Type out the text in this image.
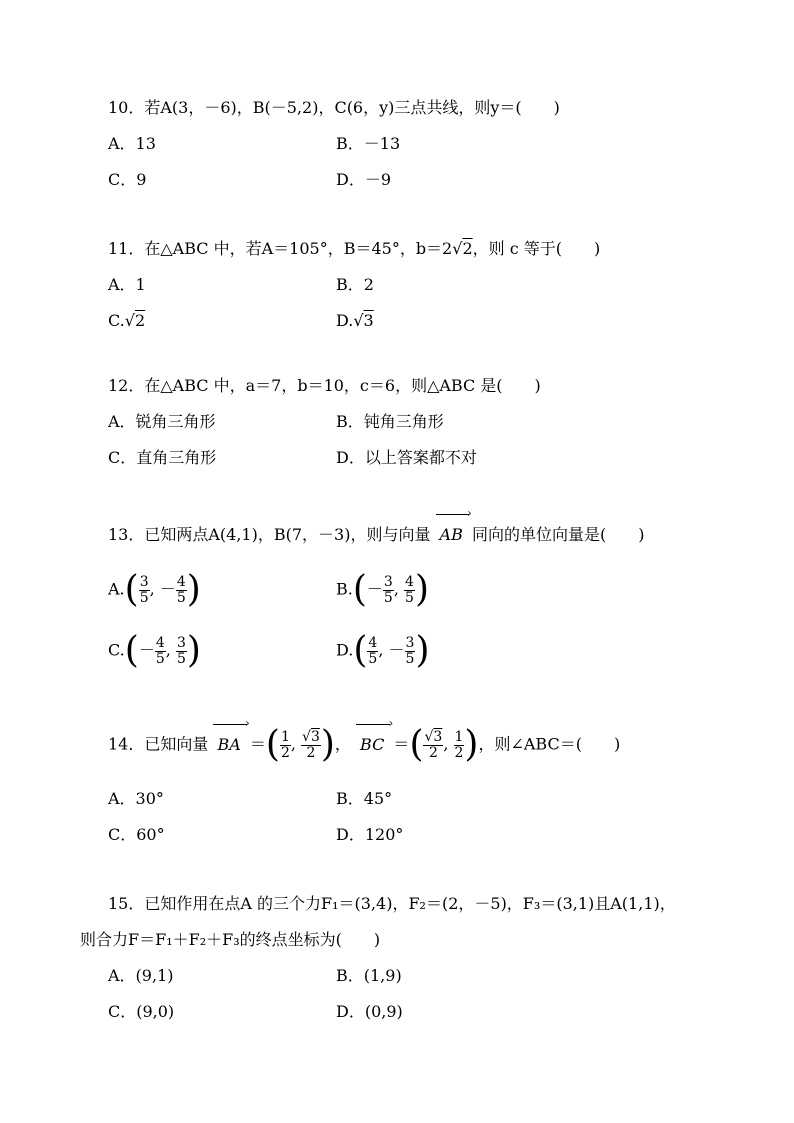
10．若A(3，－6)，B(－5,2)，C(6，y)三点共线，则y＝(　　)
A．13	B．－13
C．9	D．－9
11．在△ABC 中，若A＝105°，B＝45°，b＝2√2，则 c 等于(　　)
A．1	B．2
C.√2	D.√3
12．在△ABC 中，a＝7，b＝10，c＝6，则△ABC 是(　　)
A．锐角三角形	B．钝角三角形
C．直角三角形	D．以上答案都不对
13．已知两点A(4,1)，B(7，－3)，则与向量
›
AB 同向的单位向量是(　　)
$A.( \frac{3}{5}$ , － $\frac{4}{5}$ )	$B.(- \frac{3}{5}$ , $\frac{4}{5}$ )
$C.(- \frac{4}{5}$ , $\frac{3}{5}$ )	$D.( \frac{4}{5}$ , － $\frac{3}{5}$ )
14．已知向量
›
BA ＝( $\frac{1}{2}$ , $\frac{√3}{2}$ )，
›
BC ＝( $\frac{√3}{2}$ , $\frac{1}{2}$ )，则∠ABC＝(　　)
A．30°	B．45°
C．60°	D．120°
15．已知作用在点A 的三个力F₁＝(3,4)，F₂＝(2，－5)，F₃＝(3,1)且A(1,1)，
则合力F＝F₁＋F₂＋F₃的终点坐标为(　　)
A．(9,1)	B．(1,9)
C．(9,0)	D．(0,9)
